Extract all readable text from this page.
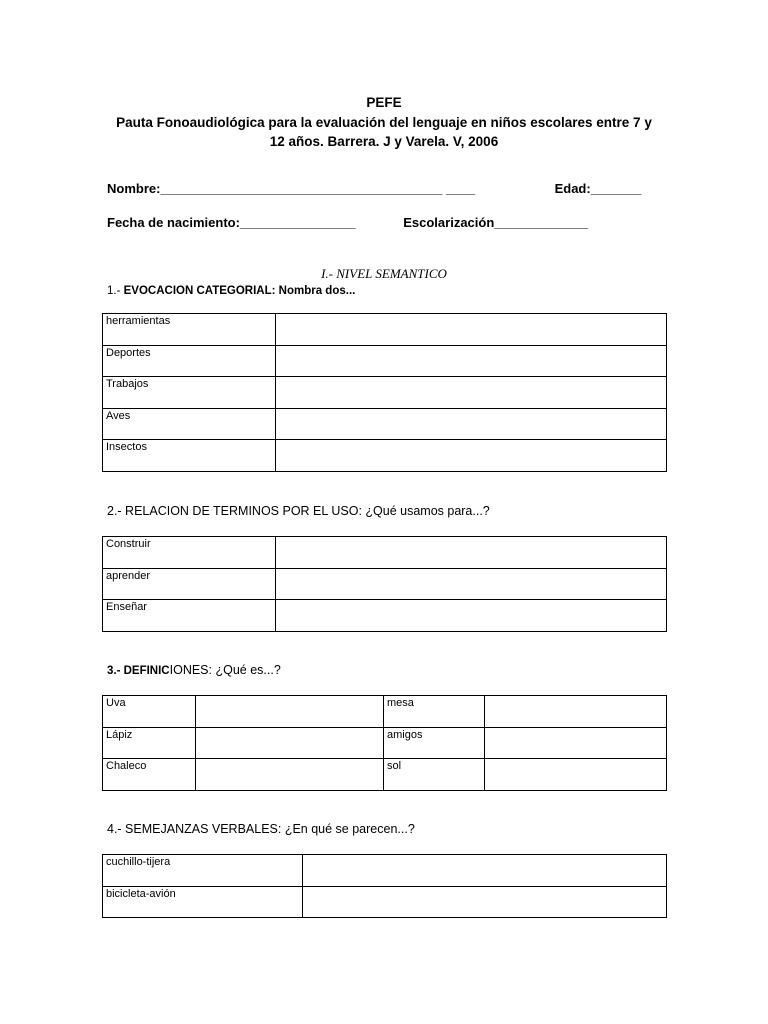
PEFE
Pauta Fonoaudiológica para la evaluación del lenguaje en niños escolares entre 7 y
12 años. Barrera. J y Varela. V, 2006
Nombre:_______________________________________ ____	Edad:_______
Fecha de nacimiento:________________	Escolarización_____________
I.- NIVEL SEMANTICO
1.- EVOCACION CATEGORIAL: Nombra dos...
herramientas	
Deportes	
Trabajos	
Aves	
Insectos	
2.- RELACION DE TERMINOS POR EL USO: ¿Qué usamos para...?
Construir	
aprender	
Enseñar	
3.- DEFINICIONES: ¿Qué es...?
Uva		mesa	
Lápiz		amigos	
Chaleco		sol	
4.- SEMEJANZAS VERBALES: ¿En qué se parecen...?
cuchillo-tijera	
bicicleta-avión	
